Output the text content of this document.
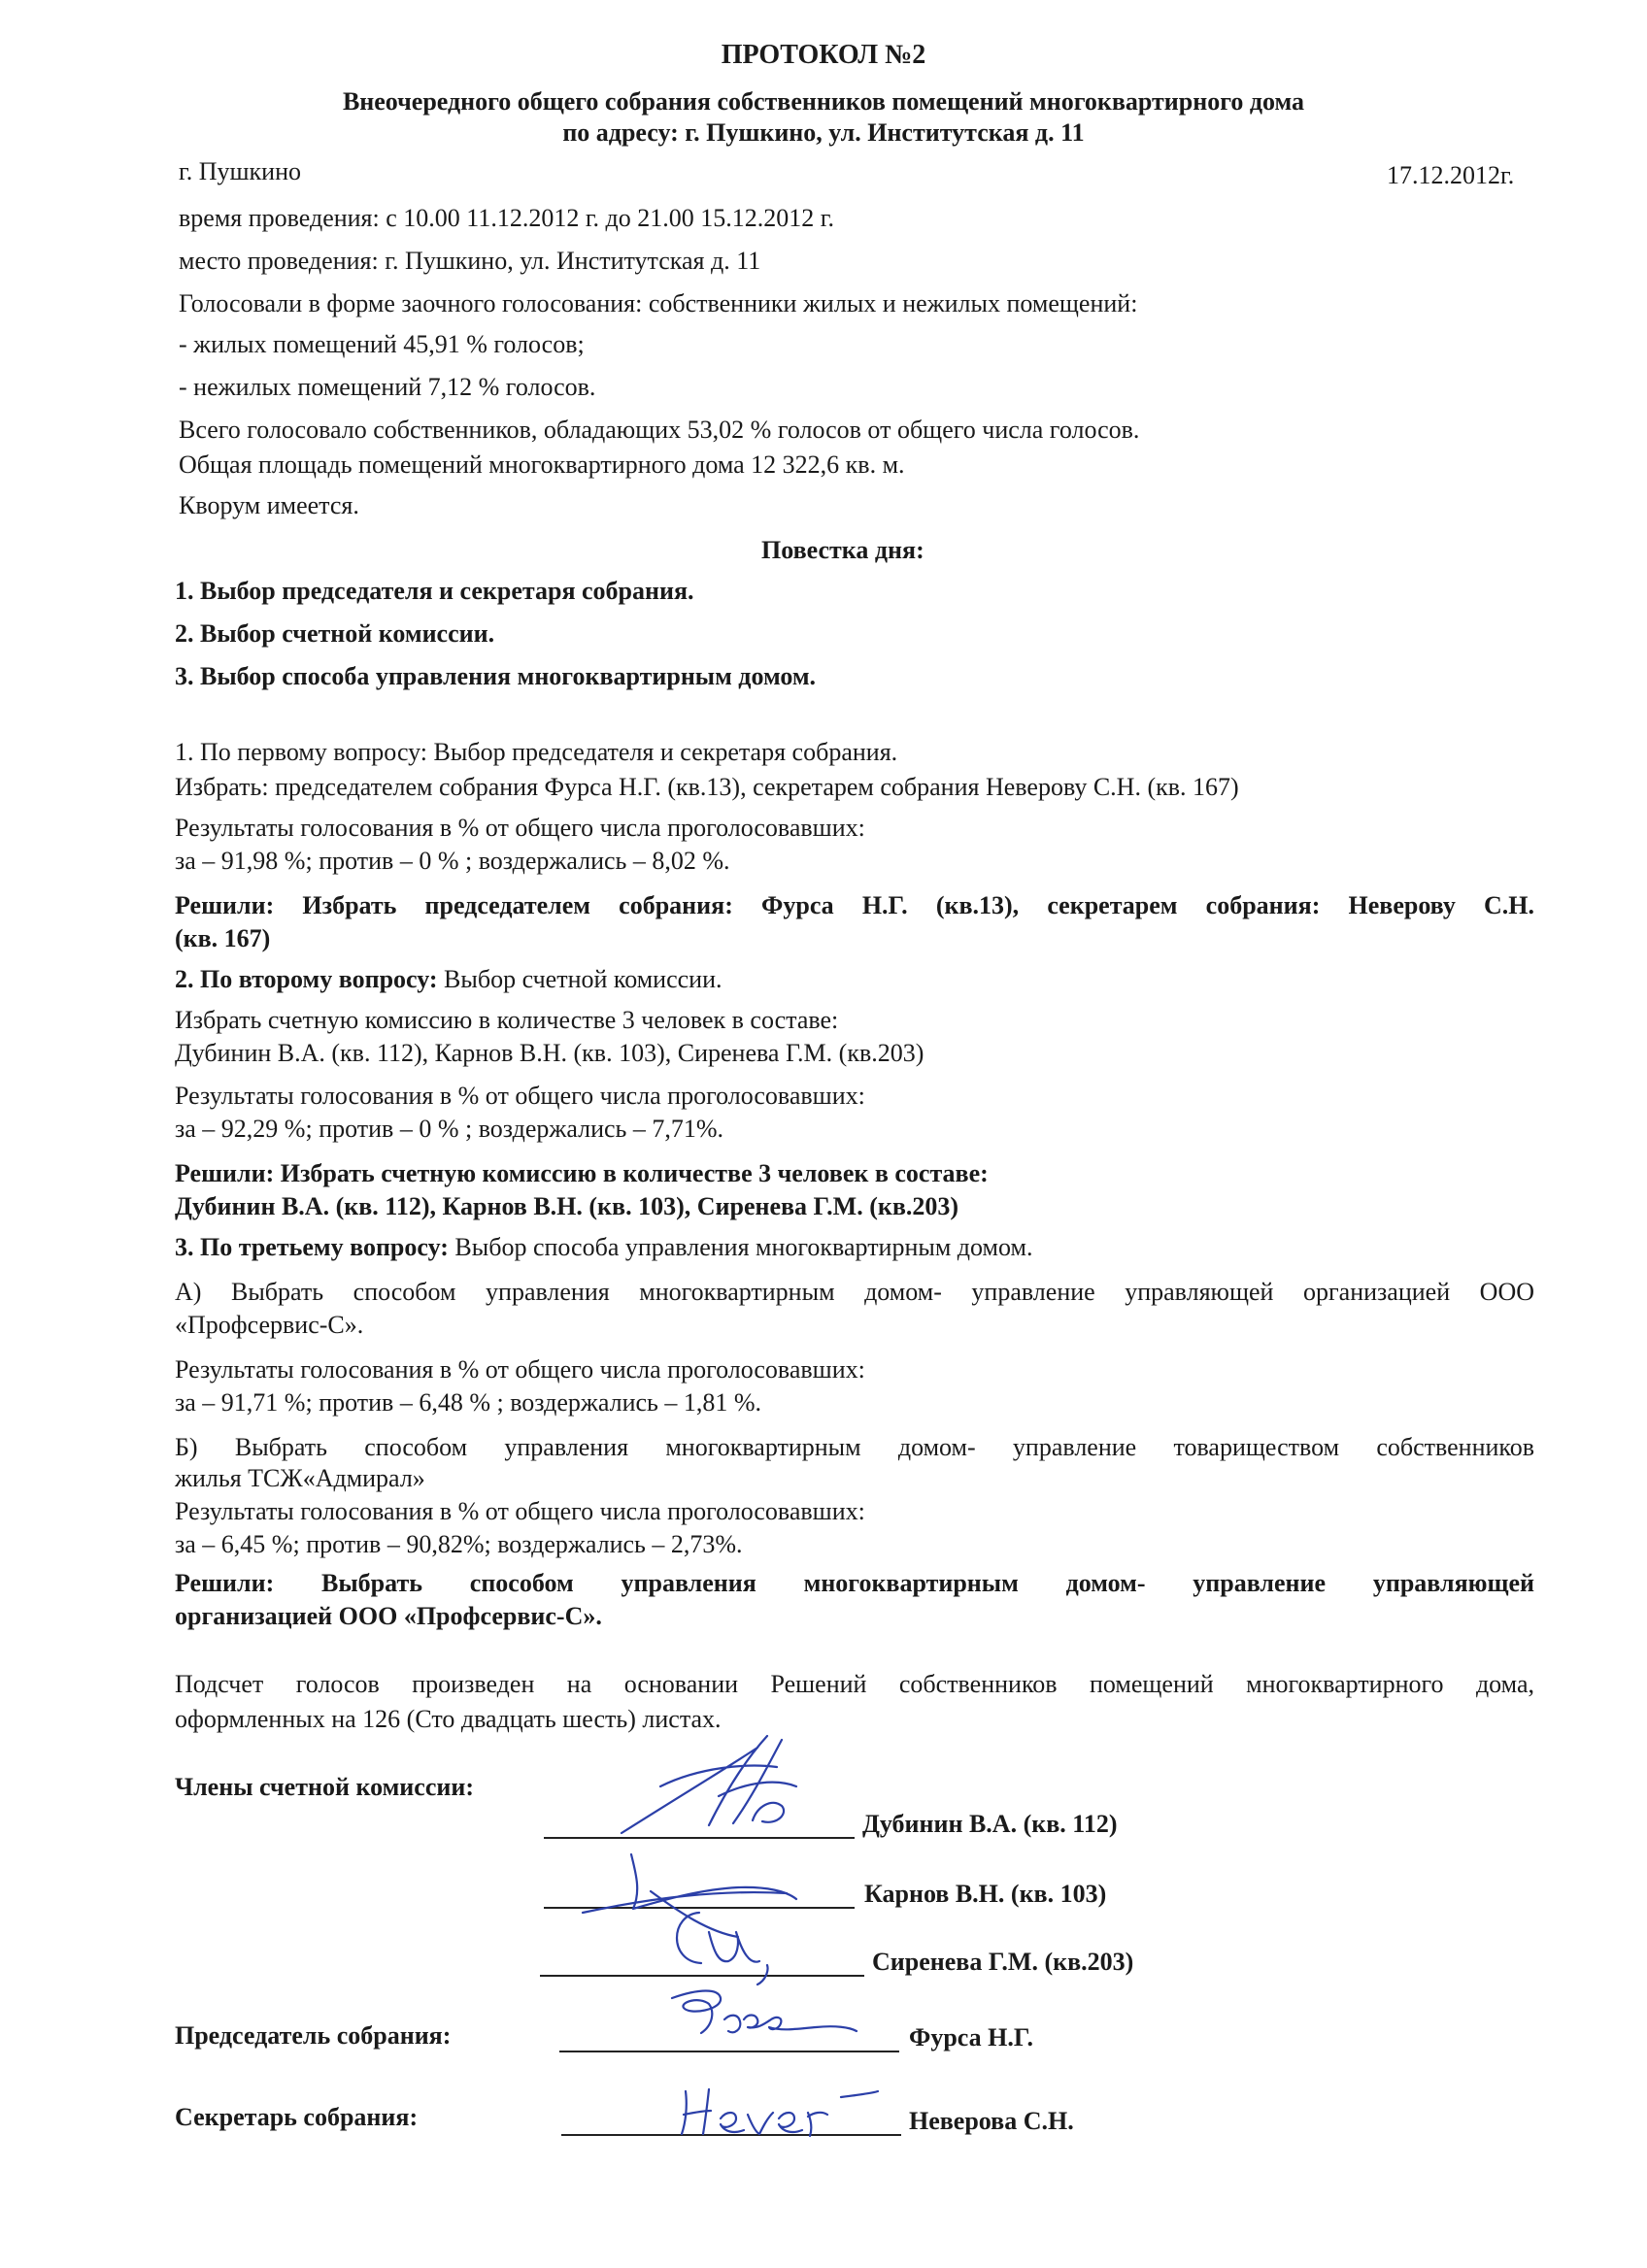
ПРОТОКОЛ №2
Внеочередного общего собрания собственников помещений многоквартирного дома
по адресу: г. Пушкино, ул. Институтская д. 11
г. Пушкино	17.12.2012г.
время проведения: с 10.00 11.12.2012 г. до 21.00 15.12.2012 г.
место проведения: г. Пушкино, ул. Институтская д. 11
Голосовали в форме заочного голосования: собственники жилых и нежилых помещений:
- жилых помещений 45,91 % голосов;
- нежилых помещений 7,12 % голосов.
Всего голосовало собственников, обладающих 53,02 % голосов от общего числа голосов.
Общая площадь помещений многоквартирного дома 12 322,6 кв. м.
Кворум имеется.
Повестка дня:
1. Выбор председателя и секретаря собрания.
2. Выбор счетной комиссии.
3. Выбор способа управления многоквартирным домом.
1. По первому вопросу: Выбор председателя и секретаря собрания.
Избрать: председателем собрания Фурса Н.Г. (кв.13), секретарем собрания Неверову С.Н. (кв. 167)
Результаты голосования в % от общего числа проголосовавших:
за – 91,98 %; против – 0 % ; воздержались – 8,02 %.
Решили: Избрать председателем собрания: Фурса Н.Г. (кв.13), секретарем собрания: Неверову С.Н.
(кв. 167)
2. По второму вопросу: Выбор счетной комиссии.
Избрать счетную комиссию в количестве 3 человек в составе:
Дубинин В.А. (кв. 112), Карнов В.Н. (кв. 103), Сиренева Г.М. (кв.203)
Результаты голосования в % от общего числа проголосовавших:
за – 92,29 %; против – 0 % ; воздержались – 7,71%.
Решили: Избрать счетную комиссию в количестве 3 человек в составе:
Дубинин В.А. (кв. 112), Карнов В.Н. (кв. 103), Сиренева Г.М. (кв.203)
3. По третьему вопросу: Выбор способа управления многоквартирным домом.
А) Выбрать способом управления многоквартирным домом- управление управляющей организацией ООО
«Профсервис-С».
Результаты голосования в % от общего числа проголосовавших:
за – 91,71 %; против – 6,48 % ; воздержались – 1,81 %.
Б) Выбрать способом управления многоквартирным домом- управление товариществом собственников
жилья ТСЖ«Адмирал»
Результаты голосования в % от общего числа проголосовавших:
за – 6,45 %; против – 90,82%; воздержались – 2,73%.
Решили: Выбрать способом управления многоквартирным домом- управление управляющей
организацией ООО «Профсервис-С».
Подсчет голосов произведен на основании Решений собственников помещений многоквартирного дома,
оформленных на 126 (Сто двадцать шесть) листах.
Члены счетной комиссии:
Дубинин В.А. (кв. 112)
Карнов В.Н. (кв. 103)
Сиренева Г.М. (кв.203)
Председатель собрания:	Фурса Н.Г.
Секретарь собрания:	Неверова С.Н.
